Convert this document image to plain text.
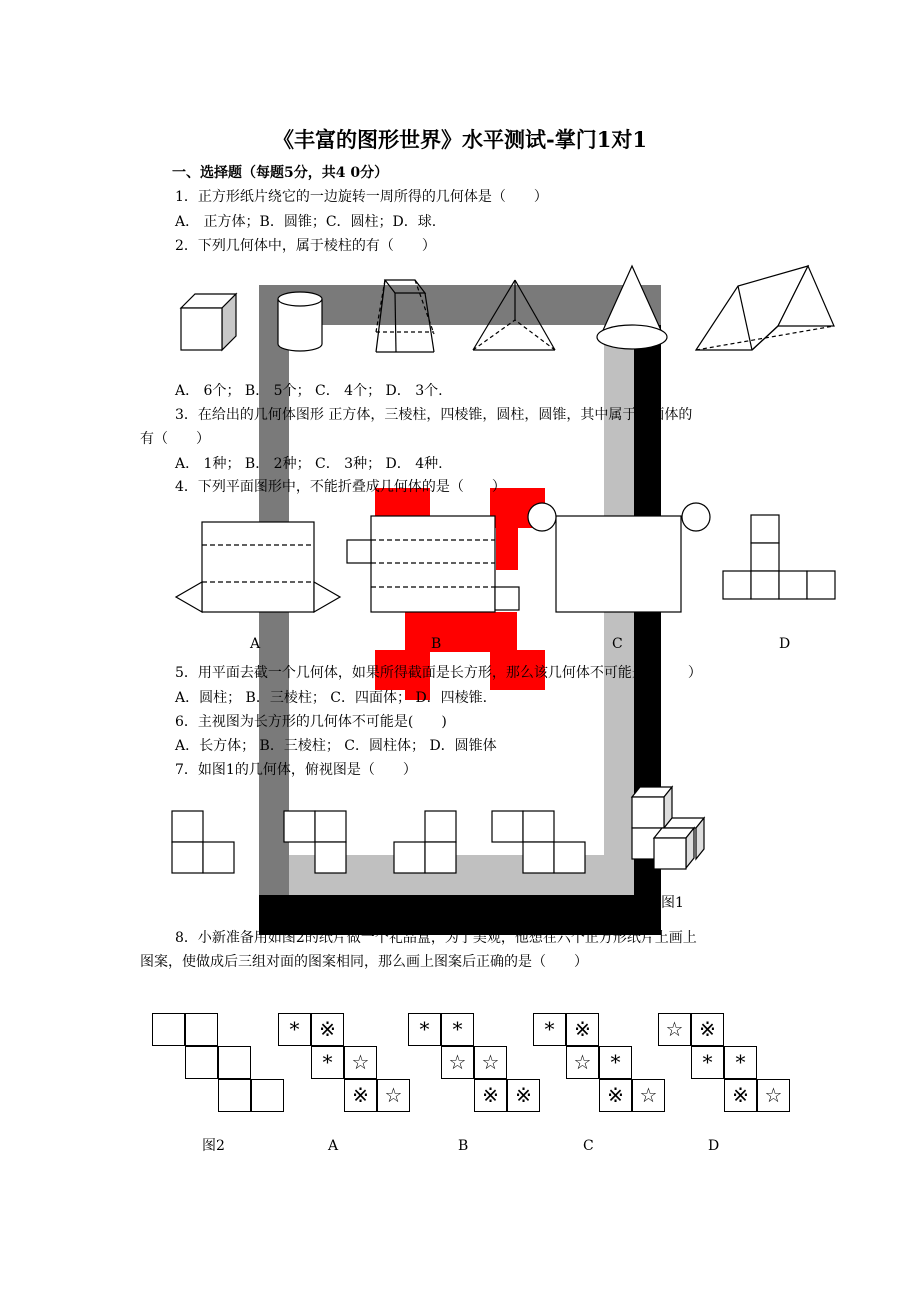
《丰富的图形世界》水平测试-掌门1对1
一、选择题（每题5分，共4 0分）
1．正方形纸片绕它的一边旋转一周所得的几何体是（　　）
A． 正方体；B．圆锥；C．圆柱；D．球.
2．下列几何体中，属于棱柱的有（　　）
A． 6个； B． 5个； C． 4个； D． 3个.
3．在给出的几何体图形 正方体，三棱柱，四棱锥，圆柱，圆锥，其中属于多面体的
有（　　）
A． 1种； B． 2种； C． 3种； D． 4种.
4．下列平面图形中，不能折叠成几何体的是（　　）
A	B	C	D
5．用平面去截一个几何体，如果所得截面是长方形，那么该几何体不可能是（　　）
A．圆柱； B．三棱柱； C．四面体； D．四棱锥.
6．主视图为长方形的几何体不可能是(　　)
A．长方体； B．三棱柱； C．圆柱体； D．圆锥体
7．如图1的几何体，俯视图是（　　）
图1
8．小新准备用如图2的纸片做一个礼品盒，为了美观，他想在六个正方形纸片上画上
图案，使做成后三组对面的图案相同，那么画上图案后正确的是（　　）
* ※
* ☆
※ ☆
*	*
☆ ☆
※ ※
* ※
☆ *
※ ☆
☆ ※
*	*
※ ☆
图2	A	B	C	D
